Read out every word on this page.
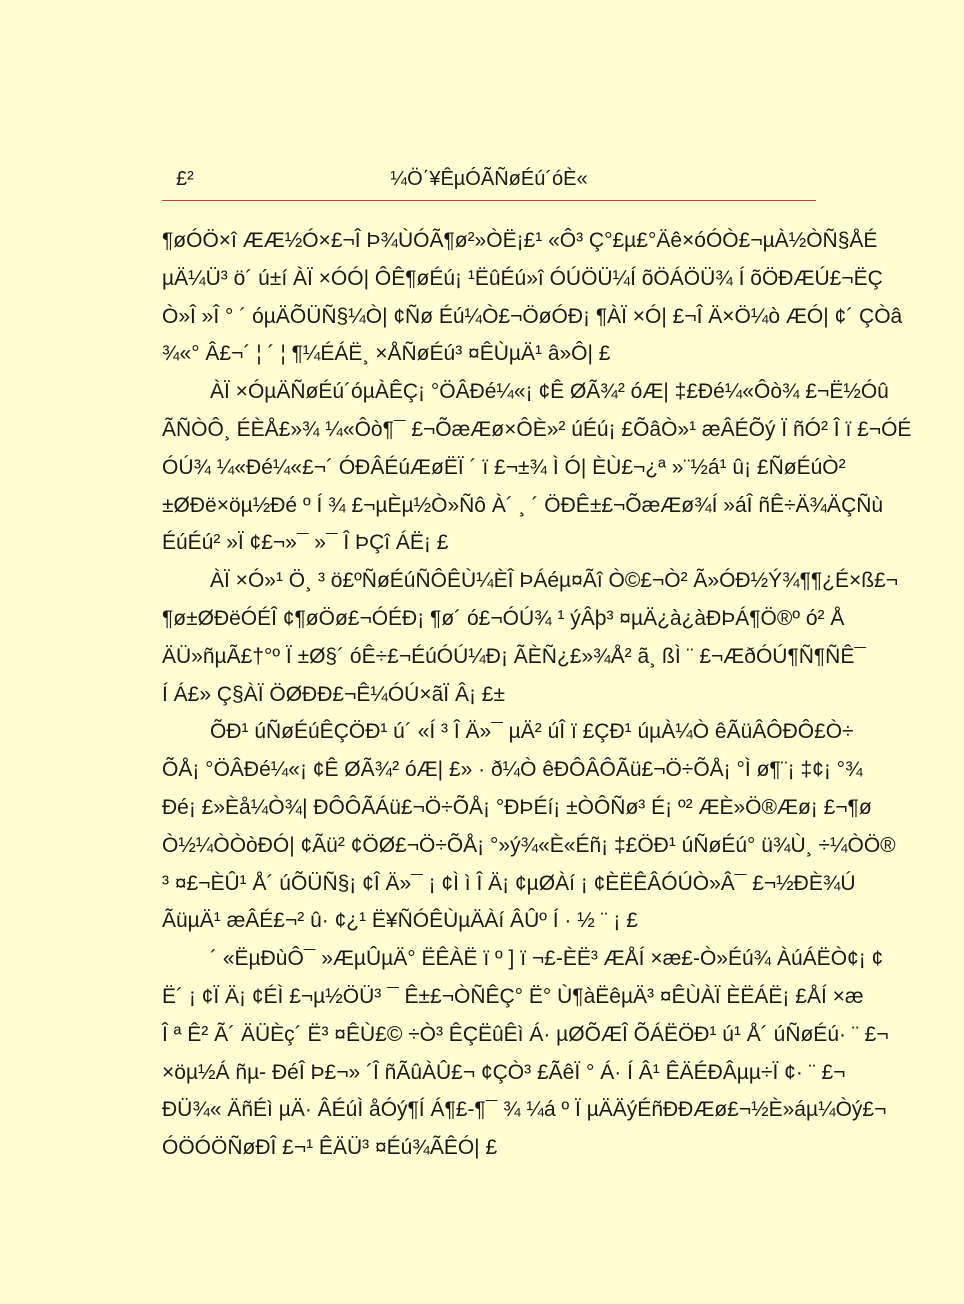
£²	¼Ö΄¥ÊµÓÃÑøÉú´óÈ«
¶øÓÖ×î ÆÆ½Ó×£¬Î Þ¾ÙÓÃ¶ø²»ÒË¡£¹ «Ô³ Ç°£µ£°Äê×óÓÒ£¬µÀ½ÒÑ§ÅÉ
µÄ¼Ü³ ö´ ú±í ÀÏ ×ÓÓ| ÔÊ¶øÉú¡ ¹ËûÉú»î ÓÚÖÜ¼Í õÖÁÖÜ¾ Í õÖÐÆÚ£¬ËÇ
Ò»Î »Î ° ´ óµÄÕÜÑ§¼Ò| ¢Ñø Éú¼Ò£¬ÖøÓÐ¡ ¶ÀÏ ×Ó| £¬Î Ä×Ö¼ò ÆÓ| ¢´ ÇÒâ
¾«° Â£¬´ ¦ ´ ¦ ¶¼ÉÁË¸ ×ÅÑøÉú³ ¤ÊÙµÄ¹ â»Ô| £
ÀÏ ×ÓµÄÑøÉú´óµÀÊÇ¡ °ÖÂÐé¼«¡ ¢Ê ØÃ¾² óÆ| ‡£Ðé¼«Ôò¾ £¬Ë½Óû
ÃÑÒÔ¸ ÉÈÅ£»¾ ¼«Ôò¶¯ £¬ÕæÆø×ÔÈ»² úÉú¡ £ÕâÒ»¹ æÂÉÕý Ï ñÓ² Î ï £¬ÓÉ
ÓÚ¾ ¼«Ðé¼«£¬´ ÓÐÂÉúÆøËÏ ´ ï £¬±¾ Ì Ó| ÈÙ£¬¿ª »¨½á¹ û¡ £ÑøÉúÒ²
±ØÐë×öµ½Ðé º Í ¾ £¬µÈµ½Ò»Ñô À´ ¸ ´ ÖÐÊ±£¬ÕæÆø¾Í »áÎ ñÊ÷Ä¾ÄÇÑù
ÉúÉú² »Ï ¢£¬»¯ »¯ Î ÞÇî ÁË¡ £
ÀÏ ×Ó»¹ Ö¸ ³ ö£ºÑøÉúÑÔÊÙ¼ÈÎ ÞÁéµ¤Ãî Ò©£¬Ò² Ã»ÓÐ½Ý¾¶¶¿É×ß£¬
¶ø±ØÐëÓÉÎ ¢¶øÖø£¬ÓÉÐ¡ ¶ø´ ó£¬ÓÚ¾ ¹ ýÂþ³ ¤µÄ¿à¿àÐÞÁ¶Ö®º ó² Å
ÄÜ»ñµÃ£†°º Ï ±Ø§´ óÊ÷£¬ÉúÓÚ¼Ð¡ ÃÈÑ¿£»¾Å² ã¸ ßÌ ¨ £¬ÆðÓÚ¶Ñ¶ÑÊ¯
Í Á£» Ç§ÀÏ ÖØÐÐ£¬Ê¼ÓÚ×ãÏ Â¡ £±
ÕÐ¹ úÑøÉúÊÇÖÐ¹ ú´ «Í ³ Î Ä»¯ µÄ² úÎ ï £ÇÐ¹ úµÀ¼Ò êÃüÂÔÐÔ£Ò÷
ÕÅ¡ °ÖÂÐé¼«¡ ¢Ê ØÃ¾² óÆ| £» · ð¼Ò êÐÔÂÔÃü£¬Ö÷ÕÅ¡ °Ì ø¶¨¡ ‡¢¡ °¾
Ðé¡ £»Èå¼Ò¾| ÐÔÔÃÁü£¬Ö÷ÕÅ¡ °ÐÞÉí¡ ±ÒÔÑø³ É¡ º² ÆÈ»Ö®Æø¡ £¬¶ø
Ò½¼ÒÒòÐÓ| ¢Ãü² ¢ÖØ£¬Ö÷ÕÅ¡ °»ý¾«È«Éñ¡ ‡£ÖÐ¹ úÑøÉú° ü¾Ù¸ ÷¼ÒÖ®
³ ¤£¬ÈÛ¹ Å´ úÕÜÑ§¡ ¢Î Ä»¯ ¡ ¢Ì ì Î Ä¡ ¢µØÀí ¡ ¢ÈËÊÂÓÚÒ»Â¯ £¬½ÐÈ¾Ú
ÃüµÄ¹ æÂÉ£¬² û· ¢¿¹ Ë¥ÑÓÊÙµÄÀí ÂÛº Í · ½ ¨ ¡ £
´ «ËµÐùÔ¯ »ÆµÛµÄ° ËÊÀË ï º ] ï ¬£-ÈË³ ÆÅÍ ×æ£-Ò»Éú¾ ÀúÁËÒ¢¡ ¢
Ë´ ¡ ¢Ï Ä¡ ¢ÉÌ £¬µ½ÖÜ³ ¯ Ê±£¬ÒÑÊÇ° Ë° Ù¶àËêµÄ³ ¤ÊÙÀÏ ÈËÁË¡ £ÅÍ ×æ
Î ª Ê² Ã´ ÄÜÈç´ Ë³ ¤ÊÙ£© ÷Ò³ ÊÇËûÊì Á· µØÕÆÎ ÕÁËÖÐ¹ ú¹ Å´ úÑøÉú· ¨ £¬
×öµ½Á ñµ- ÐéÎ Þ£¬» ´Î ñÃûÀÛ£¬ ¢ÇÒ³ £ÃêÏ ° Á· Í Â¹ ÊÄÉÐÂµµ÷Ï ¢· ¨ £¬
ÐÜ¾« ÄñÉì µÄ· ÂÉúÌ åÓý¶Í Á¶£-¶¯ ¾ ¼á º Ï µÄÄýÉñÐÐÆø£¬½È»áµ¼Òý£¬
ÓÖÓÖÑøÐÎ £¬¹ ÊÄÜ³ ¤Éú¾ÃÊÓ| £
